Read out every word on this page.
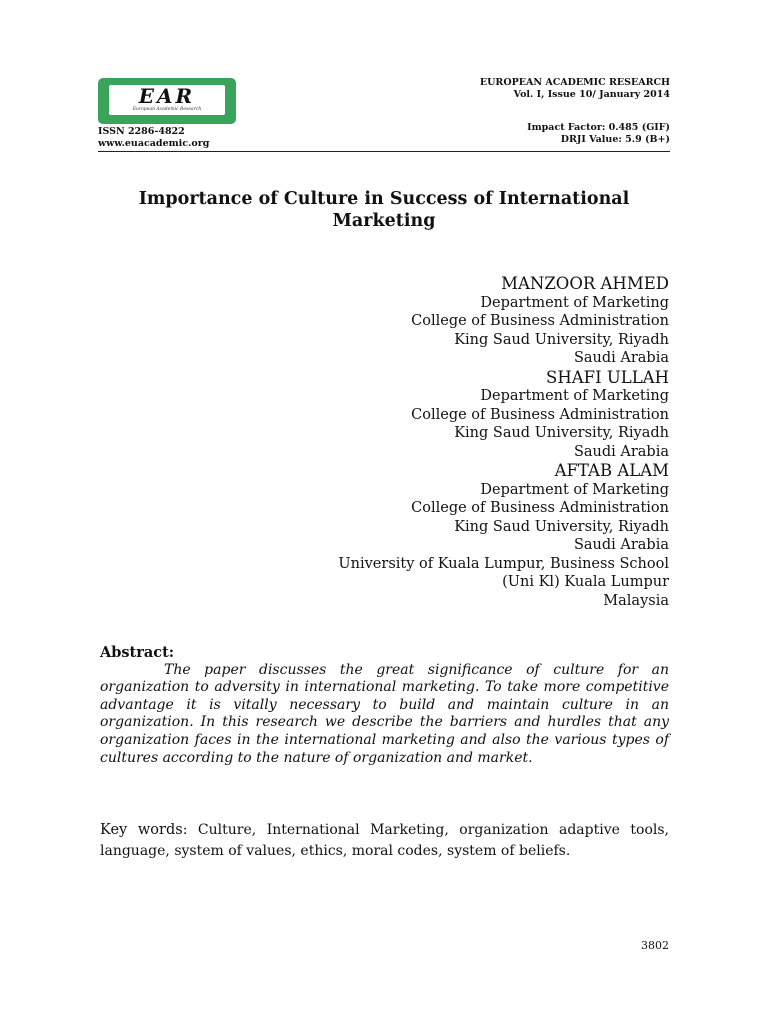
EAR
European Academic Research
ISSN 2286-4822
www.euacademic.org
EUROPEAN ACADEMIC RESEARCH
Vol. I, Issue 10/ January 2014
Impact Factor: 0.485 (GIF)
DRJI Value: 5.9 (B+)
Importance of Culture in Success of International Marketing
MANZOOR AHMED
Department of Marketing
College of Business Administration
King Saud University, Riyadh
Saudi Arabia
SHAFI ULLAH
Department of Marketing
College of Business Administration
King Saud University, Riyadh
Saudi Arabia
AFTAB ALAM
Department of Marketing
College of Business Administration
King Saud University, Riyadh
Saudi Arabia
University of Kuala Lumpur, Business School
(Uni Kl) Kuala Lumpur
Malaysia
Abstract:

The paper discusses the great significance of culture for an organization to adversity in international marketing. To take more competitive advantage it is vitally necessary to build and maintain culture in an organization. In this research we describe the barriers and hurdles that any organization faces in the international marketing and also the various types of cultures according to the nature of organization and market.

Key words: Culture, International Marketing, organization adaptive tools, language, system of values, ethics, moral codes, system of beliefs.

3802
